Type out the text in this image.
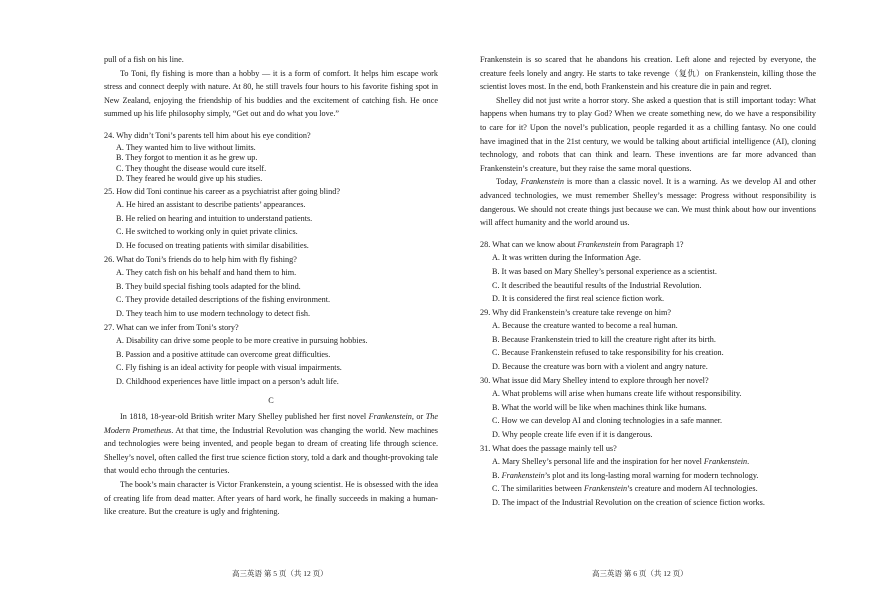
pull of a fish on his line.

To Toni, fly fishing is more than a hobby — it is a form of comfort. It helps him escape work stress and connect deeply with nature. At 80, he still travels four hours to his favorite fishing spot in New Zealand, enjoying the friendship of his buddies and the excitement of catching fish. He once summed up his life philosophy simply, “Get out and do what you love.”

24. Why didn’t Toni’s parents tell him about his eye condition?

A. They wanted him to live without limits.

B. They forgot to mention it as he grew up.

C. They thought the disease would cure itself.

D. They feared he would give up his studies.

25. How did Toni continue his career as a psychiatrist after going blind?

A. He hired an assistant to describe patients’ appearances.

B. He relied on hearing and intuition to understand patients.

C. He switched to working only in quiet private clinics.

D. He focused on treating patients with similar disabilities.

26. What do Toni’s friends do to help him with fly fishing?

A. They catch fish on his behalf and hand them to him.

B. They build special fishing tools adapted for the blind.

C. They provide detailed descriptions of the fishing environment.

D. They teach him to use modern technology to detect fish.

27. What can we infer from Toni’s story?

A. Disability can drive some people to be more creative in pursuing hobbies.

B. Passion and a positive attitude can overcome great difficulties.

C. Fly fishing is an ideal activity for people with visual impairments.

D. Childhood experiences have little impact on a person’s adult life.

C

In 1818, 18-year-old British writer Mary Shelley published her first novel Frankenstein, or The Modern Prometheus. At that time, the Industrial Revolution was changing the world. New machines and technologies were being invented, and people began to dream of creating life through science. Shelley’s novel, often called the first true science fiction story, told a dark and thought-provoking tale that would echo through the centuries.

The book’s main character is Victor Frankenstein, a young scientist. He is obsessed with the idea of creating life from dead matter. After years of hard work, he finally succeeds in making a human-like creature. But the creature is ugly and frightening.

Frankenstein is so scared that he abandons his creation. Left alone and rejected by everyone, the creature feels lonely and angry. He starts to take revenge（复仇）on Frankenstein, killing those the scientist loves most. In the end, both Frankenstein and his creature die in pain and regret.

Shelley did not just write a horror story. She asked a question that is still important today: What happens when humans try to play God? When we create something new, do we have a responsibility to care for it? Upon the novel’s publication, people regarded it as a chilling fantasy. No one could have imagined that in the 21st century, we would be talking about artificial intelligence (AI), cloning technology, and robots that can think and learn. These inventions are far more advanced than Frankenstein’s creature, but they raise the same moral questions.

Today, Frankenstein is more than a classic novel. It is a warning. As we develop AI and other advanced technologies, we must remember Shelley’s message: Progress without responsibility is dangerous. We should not create things just because we can. We must think about how our inventions will affect humanity and the world around us.

28. What can we know about Frankenstein from Paragraph 1?

A. It was written during the Information Age.

B. It was based on Mary Shelley’s personal experience as a scientist.

C. It described the beautiful results of the Industrial Revolution.

D. It is considered the first real science fiction work.

29. Why did Frankenstein’s creature take revenge on him?

A. Because the creature wanted to become a real human.

B. Because Frankenstein tried to kill the creature right after its birth.

C. Because Frankenstein refused to take responsibility for his creation.

D. Because the creature was born with a violent and angry nature.

30. What issue did Mary Shelley intend to explore through her novel?

A. What problems will arise when humans create life without responsibility.

B. What the world will be like when machines think like humans.

C. How we can develop AI and cloning technologies in a safe manner.

D. Why people create life even if it is dangerous.

31. What does the passage mainly tell us?

A. Mary Shelley’s personal life and the inspiration for her novel Frankenstein.

B. Frankenstein’s plot and its long-lasting moral warning for modern technology.

C. The similarities between Frankenstein’s creature and modern AI technologies.

D. The impact of the Industrial Revolution on the creation of science fiction works.

高三英语 第 5 页（共 12 页）	高三英语 第 6 页（共 12 页）
